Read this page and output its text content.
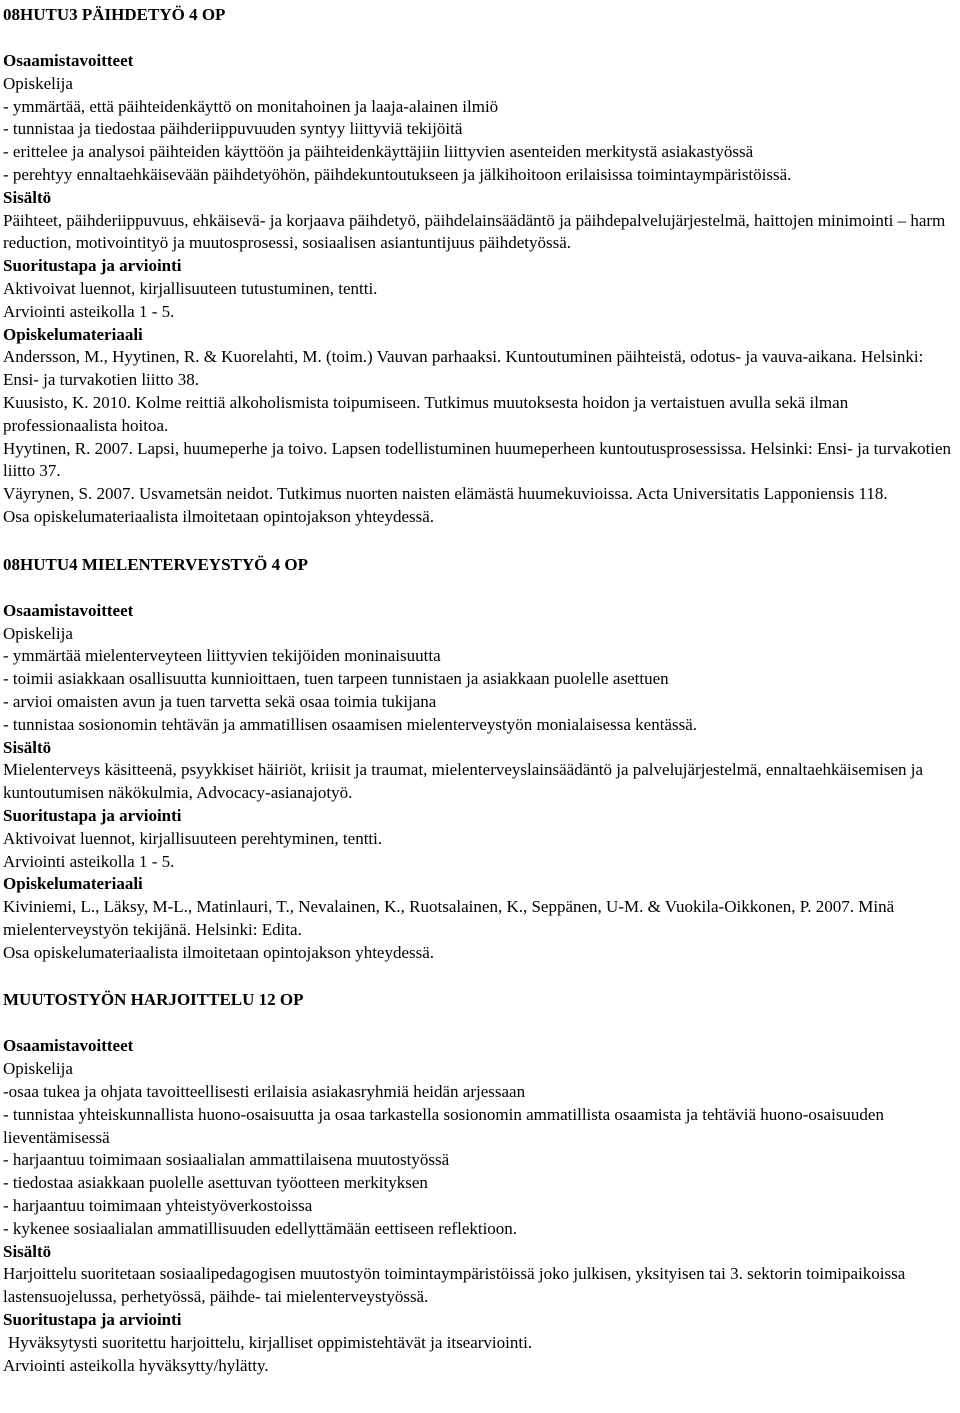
08HUTU3 PÄIHDETYÖ 4 OP
Osaamistavoitteet
Opiskelija
- ymmärtää, että päihteidenkäyttö on monitahoinen ja laaja-alainen ilmiö
- tunnistaa ja tiedostaa päihderiippuvuuden syntyy liittyviä tekijöitä
- erittelee ja analysoi päihteiden käyttöön ja päihteidenkäyttäjiin liittyvien asenteiden merkitystä asiakastyössä
- perehtyy ennaltaehkäisevään päihdetyöhön, päihdekuntoutukseen ja jälkihoitoon erilaisissa toimintaympäristöissä.
Sisältö
Päihteet, päihderiippuvuus, ehkäisevä- ja korjaava päihdetyö, päihdelainsäädäntö ja päihdepalvelujärjestelmä, haittojen minimointi – harm reduction, motivointityö ja muutosprosessi, sosiaalisen asiantuntijuus päihdetyössä.
Suoritustapa ja arviointi
Aktivoivat luennot, kirjallisuuteen tutustuminen, tentti.
Arviointi asteikolla 1 - 5.
Opiskelumateriaali
Andersson, M., Hyytinen, R. & Kuorelahti, M. (toim.) Vauvan parhaaksi. Kuntoutuminen päihteistä, odotus- ja vauva-aikana. Helsinki: Ensi- ja turvakotien liitto 38.
Kuusisto, K. 2010. Kolme reittiä alkoholismista toipumiseen. Tutkimus muutoksesta hoidon ja vertaistuen avulla sekä ilman professionaalista hoitoa.
Hyytinen, R. 2007. Lapsi, huumeperhe ja toivo. Lapsen todellistuminen huumeperheen kuntoutusprosessissa. Helsinki: Ensi- ja turvakotien liitto 37.
Väyrynen, S. 2007. Usvametsän neidot. Tutkimus nuorten naisten elämästä huumekuvioissa. Acta Universitatis Lapponiensis 118.
Osa opiskelumateriaalista ilmoitetaan opintojakson yhteydessä.
08HUTU4 MIELENTERVEYSTYÖ 4 OP
Osaamistavoitteet
Opiskelija
- ymmärtää mielenterveyteen liittyvien tekijöiden moninaisuutta
- toimii asiakkaan osallisuutta kunnioittaen, tuen tarpeen tunnistaen ja asiakkaan puolelle asettuen
- arvioi omaisten avun ja tuen tarvetta sekä osaa toimia tukijana
- tunnistaa sosionomin tehtävän ja ammatillisen osaamisen mielenterveystyön monialaisessa kentässä.
Sisältö
Mielenterveys käsitteenä, psyykkiset häiriöt, kriisit ja traumat, mielenterveyslainsäädäntö ja palvelujärjestelmä, ennaltaehkäisemisen ja kuntoutumisen näkökulmia, Advocacy-asianajotyö.
Suoritustapa ja arviointi
Aktivoivat luennot, kirjallisuuteen perehtyminen, tentti.
Arviointi asteikolla 1 - 5.
Opiskelumateriaali
Kiviniemi, L., Läksy, M-L., Matinlauri, T., Nevalainen, K., Ruotsalainen, K., Seppänen, U-M. & Vuokila-Oikkonen, P. 2007. Minä mielenterveystyön tekijänä. Helsinki: Edita.
Osa opiskelumateriaalista ilmoitetaan opintojakson yhteydessä.
MUUTOSTYÖN HARJOITTELU 12 OP
Osaamistavoitteet
Opiskelija
-osaa tukea ja ohjata tavoitteellisesti erilaisia asiakasryhmiä heidän arjessaan
- tunnistaa yhteiskunnallista huono-osaisuutta ja osaa tarkastella sosionomin ammatillista osaamista ja tehtäviä huono-osaisuuden lieventämisessä
- harjaantuu toimimaan sosiaalialan ammattilaisena muutostyössä
- tiedostaa asiakkaan puolelle asettuvan työotteen merkityksen
- harjaantuu toimimaan yhteistyöverkostoissa
- kykenee sosiaalialan ammatillisuuden edellyttämään eettiseen reflektioon.
Sisältö
Harjoittelu suoritetaan sosiaalipedagogisen muutostyön toimintaympäristöissä joko julkisen, yksityisen tai 3. sektorin toimipaikoissa lastensuojelussa, perhetyössä, päihde- tai mielenterveystyössä.
Suoritustapa ja arviointi
Hyväksytysti suoritettu harjoittelu, kirjalliset oppimistehtävät ja itsearviointi.
Arviointi asteikolla hyväksytty/hylätty.
